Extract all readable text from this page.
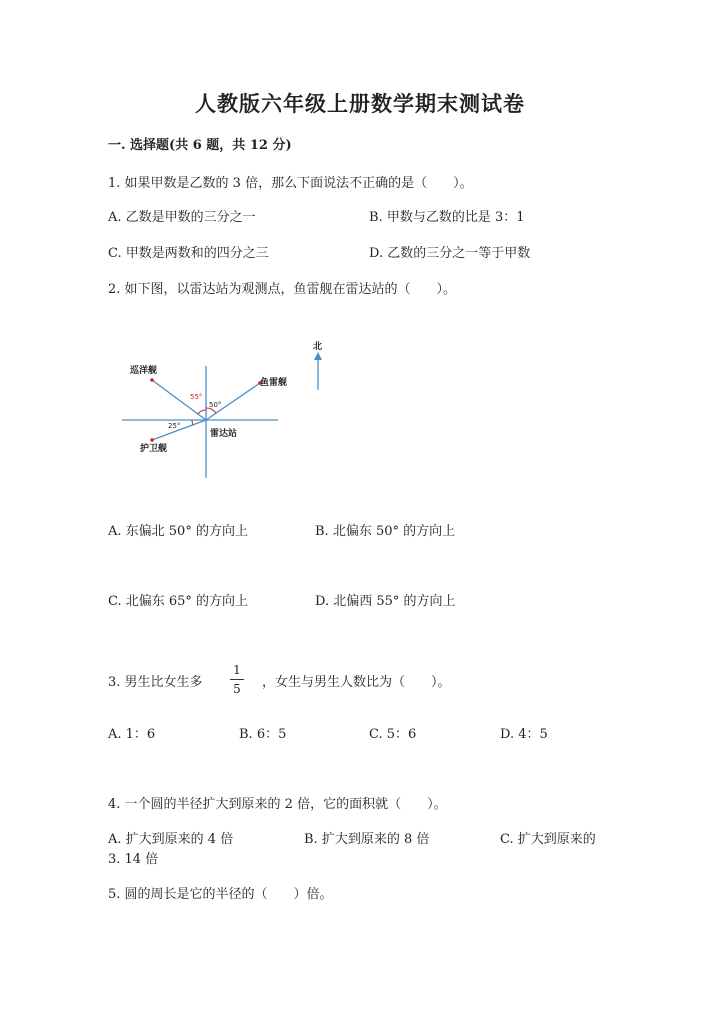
人教版六年级上册数学期末测试卷
一. 选择题(共 6 题，共 12 分)
1. 如果甲数是乙数的 3 倍，那么下面说法不正确的是（　　）。
A. 乙数是甲数的三分之一	B. 甲数与乙数的比是 3：1
C. 甲数是两数和的四分之三	D. 乙数的三分之一等于甲数
2. 如下图，以雷达站为观测点，鱼雷舰在雷达站的（　　）。
北
雷达站
巡洋舰
鱼雷舰
护卫舰
55°
50°
25°
A. 东偏北 50° 的方向上	B. 北偏东 50° 的方向上
C. 北偏东 65° 的方向上	D. 北偏西 55° 的方向上
3. 男生比女生多
1
5 ，女生与男生人数比为（　　）。
A. 1：6	B. 6：5	C. 5：6	D. 4：5
4. 一个圆的半径扩大到原来的 2 倍，它的面积就（　　）。
A. 扩大到原来的 4 倍	B. 扩大到原来的 8 倍	C. 扩大到原来的
3. 14 倍
5. 圆的周长是它的半径的（　　）倍。
